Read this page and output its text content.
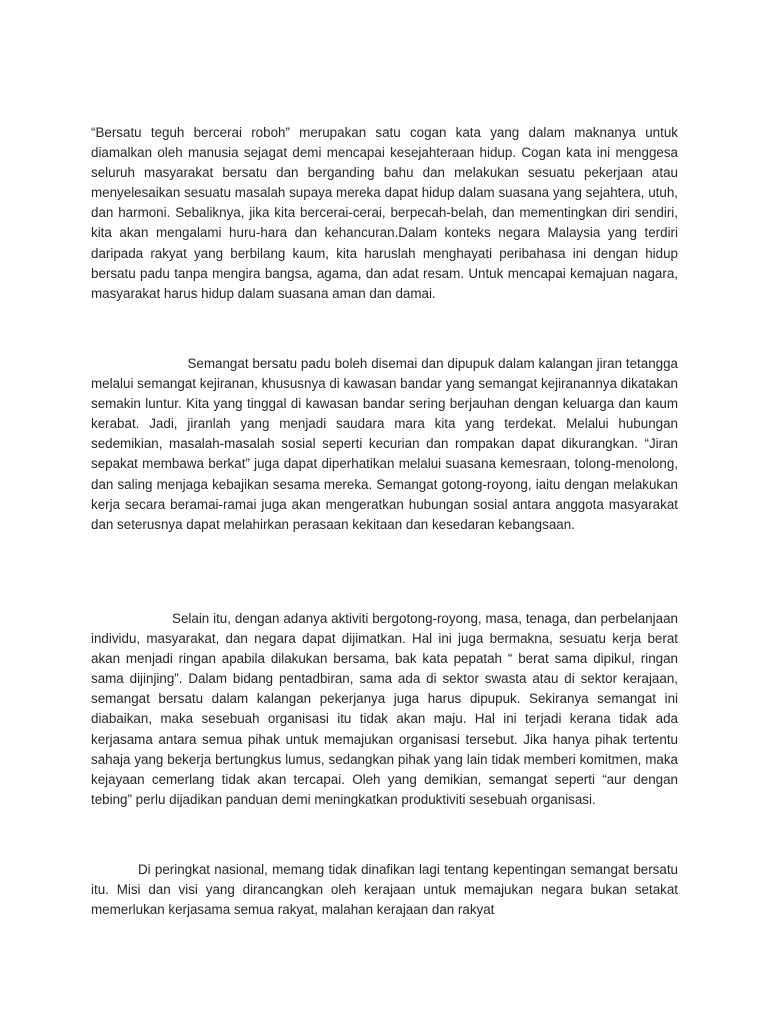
“Bersatu teguh bercerai roboh” merupakan satu cogan kata yang dalam maknanya untuk diamalkan oleh manusia sejagat demi mencapai kesejahteraan hidup. Cogan kata ini menggesa seluruh masyarakat bersatu dan berganding bahu dan melakukan sesuatu pekerjaan atau menyelesaikan sesuatu masalah supaya mereka dapat hidup dalam suasana yang sejahtera, utuh, dan harmoni. Sebaliknya, jika kita bercerai-cerai, berpecah-belah, dan mementingkan diri sendiri, kita akan mengalami huru-hara dan kehancuran.Dalam konteks negara Malaysia yang terdiri daripada rakyat yang berbilang kaum, kita haruslah menghayati peribahasa ini dengan hidup bersatu padu tanpa mengira bangsa, agama, dan adat resam. Untuk mencapai kemajuan nagara, masyarakat harus hidup dalam suasana aman dan damai.

Semangat bersatu padu boleh disemai dan dipupuk dalam kalangan jiran tetangga melalui semangat kejiranan, khususnya di kawasan bandar yang semangat kejiranannya dikatakan semakin luntur. Kita yang tinggal di kawasan bandar sering berjauhan dengan keluarga dan kaum kerabat. Jadi, jiranlah yang menjadi saudara mara kita yang terdekat. Melalui hubungan sedemikian, masalah-masalah sosial seperti kecurian dan rompakan dapat dikurangkan. “Jiran sepakat membawa berkat” juga dapat diperhatikan melalui suasana kemesraan, tolong-menolong, dan saling menjaga kebajikan sesama mereka. Semangat gotong-royong, iaitu dengan melakukan kerja secara beramai-ramai juga akan mengeratkan hubungan sosial antara anggota masyarakat dan seterusnya dapat melahirkan perasaan kekitaan dan kesedaran kebangsaan.

Selain itu, dengan adanya aktiviti bergotong-royong, masa, tenaga, dan perbelanjaan individu, masyarakat, dan negara dapat dijimatkan. Hal ini juga bermakna, sesuatu kerja berat akan menjadi ringan apabila dilakukan bersama, bak kata pepatah “ berat sama dipikul, ringan sama dijinjing”. Dalam bidang pentadbiran, sama ada di sektor swasta atau di sektor kerajaan, semangat bersatu dalam kalangan pekerjanya juga harus dipupuk. Sekiranya semangat ini diabaikan, maka sesebuah organisasi itu tidak akan maju. Hal ini terjadi kerana tidak ada kerjasama antara semua pihak untuk memajukan organisasi tersebut. Jika hanya pihak tertentu sahaja yang bekerja bertungkus lumus, sedangkan pihak yang lain tidak memberi komitmen, maka kejayaan cemerlang tidak akan tercapai. Oleh yang demikian, semangat seperti “aur dengan tebing” perlu dijadikan panduan demi meningkatkan produktiviti sesebuah organisasi.

Di peringkat nasional, memang tidak dinafikan lagi tentang kepentingan semangat bersatu itu. Misi dan visi yang dirancangkan oleh kerajaan untuk memajukan negara bukan setakat memerlukan kerjasama semua rakyat, malahan kerajaan dan rakyat
